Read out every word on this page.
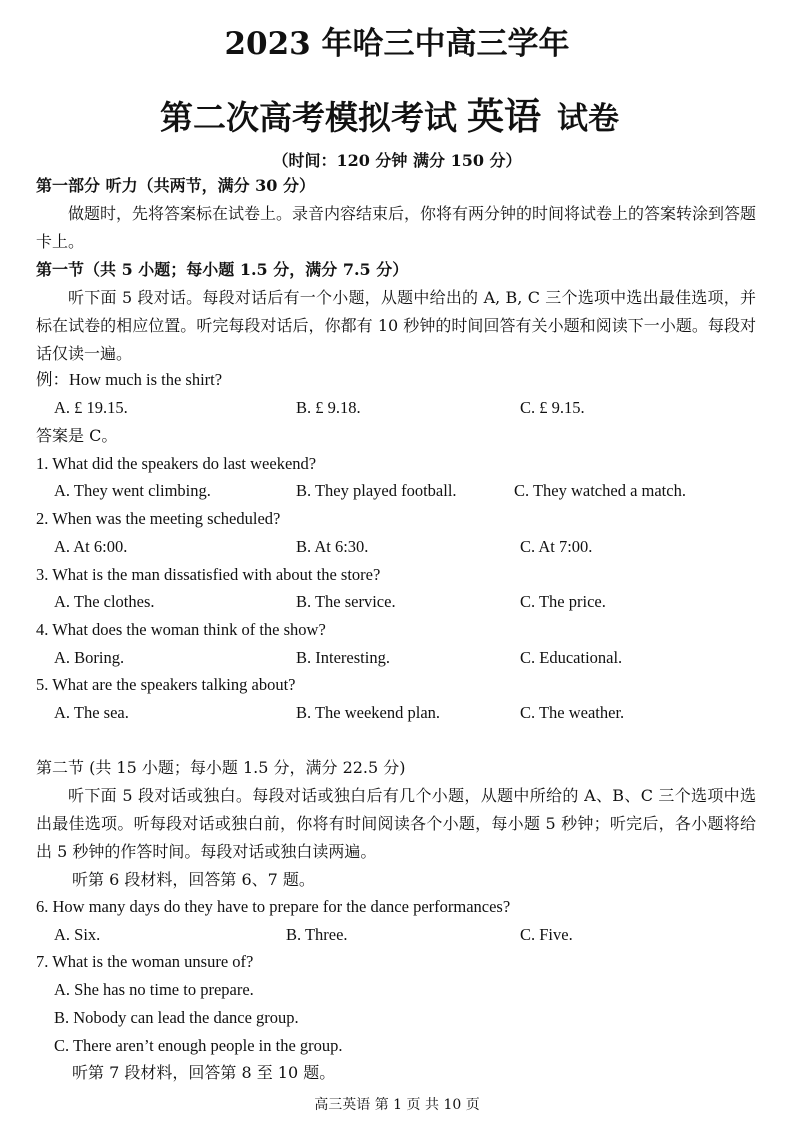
2023 年哈三中高三学年
第二次高考模拟考试 英语 试卷
（时间：120 分钟 满分 150 分）
第一部分 听力（共两节，满分 30 分）
做题时，先将答案标在试卷上。录音内容结束后，你将有两分钟的时间将试卷上的答案转涂到答题卡上。
第一节（共 5 小题；每小题 1.5 分，满分 7.5 分）
听下面 5 段对话。每段对话后有一个小题，从题中给出的 A, B, C 三个选项中选出最佳选项，并标在试卷的相应位置。听完每段对话后，你都有 10 秒钟的时间回答有关小题和阅读下一小题。每段对话仅读一遍。
例：How much is the shirt?
A. £ 19.15.	B. £ 9.18.	C. £ 9.15.
答案是 C。
1. What did the speakers do last weekend?
A. They went climbing.	B. They played football.	C. They watched a match.
2. When was the meeting scheduled?
A. At 6:00.	B. At 6:30.	C. At 7:00.
3. What is the man dissatisfied with about the store?
A. The clothes.	B. The service.	C. The price.
4. What does the woman think of the show?
A. Boring.	B. Interesting.	C. Educational.
5. What are the speakers talking about?
A. The sea.	B. The weekend plan.	C. The weather.
第二节 (共 15 小题；每小题 1.5 分，满分 22.5 分)
听下面 5 段对话或独白。每段对话或独白后有几个小题，从题中所给的 A、B、C 三个选项中选出最佳选项。听每段对话或独白前，你将有时间阅读各个小题，每小题 5 秒钟；听完后，各小题将给出 5 秒钟的作答时间。每段对话或独白读两遍。
听第 6 段材料，回答第 6、7 题。
6. How many days do they have to prepare for the dance performances?
A. Six.	B. Three.	C. Five.
7. What is the woman unsure of?
A. She has no time to prepare.
B. Nobody can lead the dance group.
C. There aren’t enough people in the group.
听第 7 段材料，回答第 8 至 10 题。
高三英语 第 1 页 共 10 页
